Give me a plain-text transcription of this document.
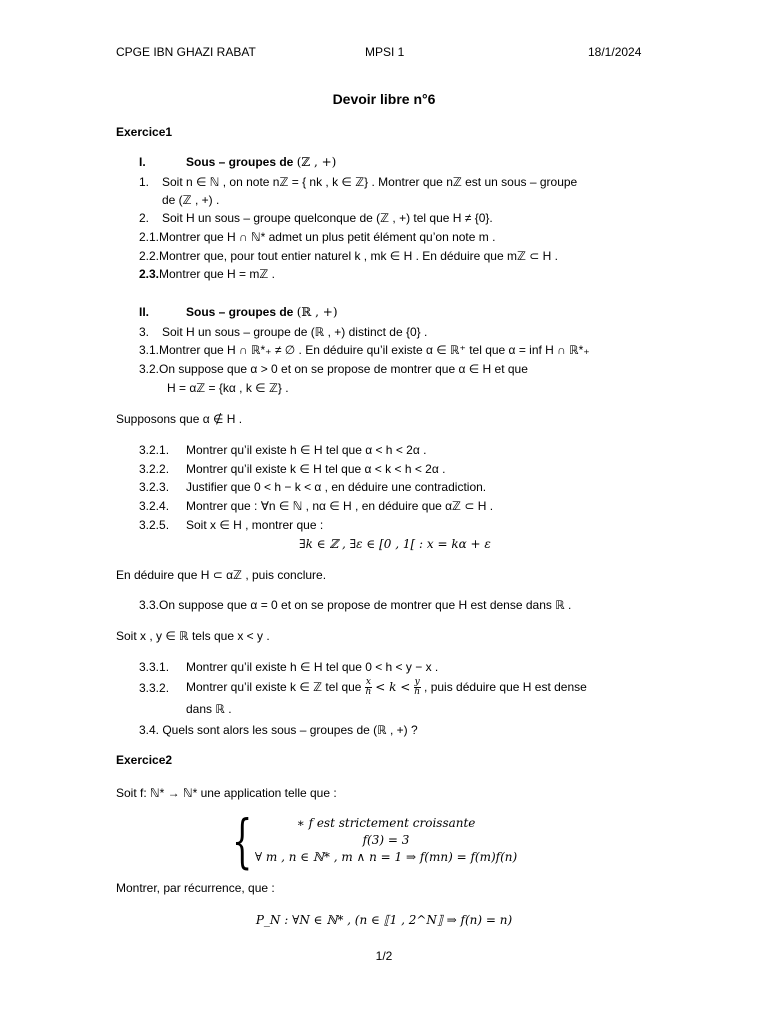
CPGE IBN GHAZI RABAT	MPSI 1	18/1/2024
Devoir libre n°6
Exercice1
I.	Sous – groupes de (ℤ , +)
1. Soit n ∈ ℕ , on note nℤ = { nk , k ∈ ℤ} . Montrer que nℤ est un sous – groupe
de (ℤ , +) .
2. Soit H un sous – groupe quelconque de (ℤ , +) tel que H ≠ {0}.
2.1.Montrer que H ∩ ℕ* admet un plus petit élément qu’on note m .
2.2.Montrer que, pour tout entier naturel k , mk ∈ H . En déduire que mℤ ⊂ H .
2.3.Montrer que H = mℤ .
II.	Sous – groupes de (ℝ , +)
3. Soit H un sous – groupe de (ℝ , +) distinct de {0} .
3.1.Montrer que H ∩ ℝ*₊ ≠ ∅ . En déduire qu’il existe α ∈ ℝ⁺ tel que α = inf H ∩ ℝ*₊
3.2.On suppose que α > 0 et on se propose de montrer que α ∈ H et que
H = αℤ = {kα , k ∈ ℤ} .
Supposons que α ∉ H .
3.2.1. Montrer qu’il existe h ∈ H tel que α < h < 2α .
3.2.2. Montrer qu’il existe k ∈ H tel que α < k < h < 2α .
3.2.3. Justifier que 0 < h − k < α , en déduire une contradiction.
3.2.4. Montrer que : ∀n ∈ ℕ , nα ∈ H , en déduire que αℤ ⊂ H .
3.2.5. Soit x ∈ H , montrer que :
∃k ∈ ℤ , ∃ε ∈ [0 , 1[ : x = kα + ε
En déduire que H ⊂ αℤ , puis conclure.
3.3.On suppose que α = 0 et on se propose de montrer que H est dense dans ℝ .
Soit x , y ∈ ℝ tels que x < y .
3.3.1. Montrer qu’il existe h ∈ H tel que 0 < h < y − x .
3.3.2. Montrer qu’il existe k ∈ ℤ tel que $\frac{x}{h} < k < \frac{y}{h}$ , puis déduire que H est dense
dans ℝ .
3.4. Quels sont alors les sous – groupes de (ℝ , +) ?
Exercice2
Soit f: ℕ* → ℕ* une application telle que :
{	∗ f est strictement croissante
f(3) = 3
∀ m , n ∈ ℕ* , m ∧ n = 1 ⇒ f(mn) = f(m)f(n)
Montrer, par récurrence, que :
P_N : ∀N ∈ ℕ* , (n ∈ ⟦1 , 2^N⟧ ⇒ f(n) = n)
1/2
